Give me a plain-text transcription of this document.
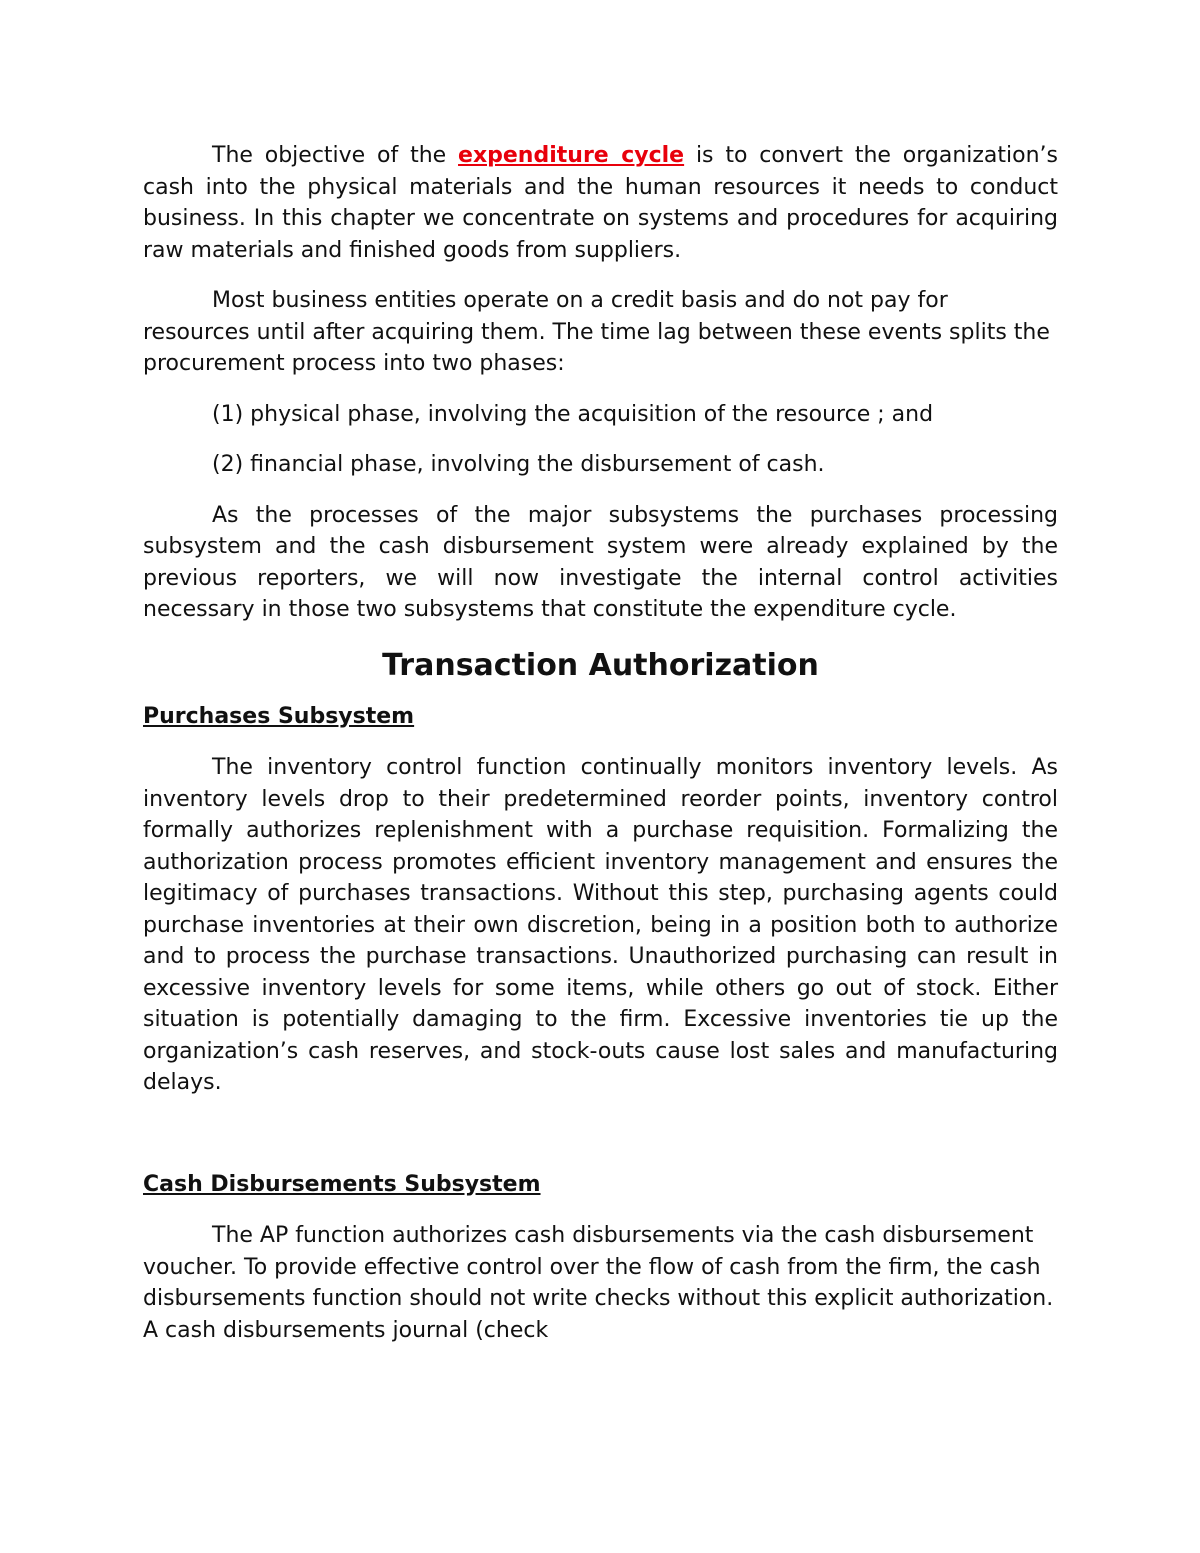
The objective of the expenditure cycle is to convert the organization’s cash into the physical materials and the human resources it needs to conduct business. In this chapter we concentrate on systems and procedures for acquiring raw materials and finished goods from suppliers.

Most business entities operate on a credit basis and do not pay for resources until after acquiring them. The time lag between these events splits the procurement process into two phases:

(1) physical phase, involving the acquisition of the resource ; and

(2) financial phase, involving the disbursement of cash.

As the processes of the major subsystems the purchases processing subsystem and the cash disbursement system were already explained by the previous reporters, we will now investigate the internal control activities necessary in those two subsystems that constitute the expenditure cycle.

Transaction Authorization
Purchases Subsystem

The inventory control function continually monitors inventory levels. As inventory levels drop to their predetermined reorder points, inventory control formally authorizes replenishment with a purchase requisition. Formalizing the authorization process promotes efficient inventory management and ensures the legitimacy of purchases transactions. Without this step, purchasing agents could purchase inventories at their own discretion, being in a position both to authorize and to process the purchase transactions. Unauthorized purchasing can result in excessive inventory levels for some items, while others go out of stock. Either situation is potentially damaging to the firm. Excessive inventories tie up the organization’s cash reserves, and stock-outs cause lost sales and manufacturing delays.

Cash Disbursements Subsystem

The AP function authorizes cash disbursements via the cash disbursement voucher. To provide effective control over the flow of cash from the firm, the cash disbursements function should not write checks without this explicit authorization. A cash disbursements journal (check
